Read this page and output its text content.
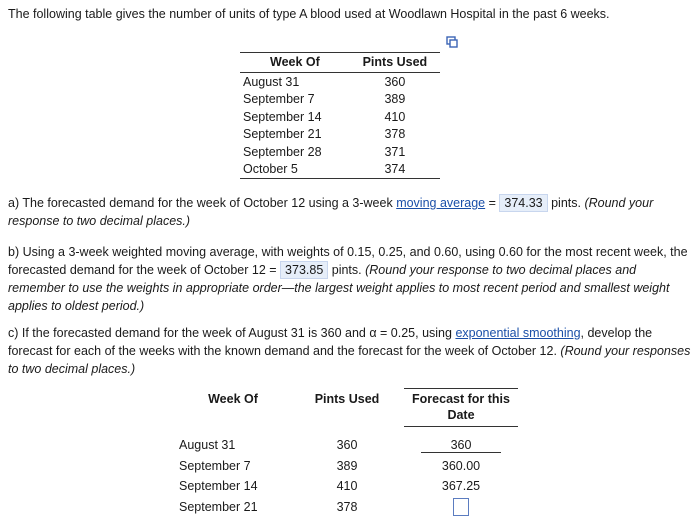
The following table gives the number of units of type A blood used at Woodlawn Hospital in the past 6 weeks.
Week Of	Pints Used
August 31	360
September 7	389
September 14	410
September 21	378
September 28	371
October 5	374
a) The forecasted demand for the week of October 12 using a 3-week moving average = 374.33 pints. (Round your response to two decimal places.)
b) Using a 3-week weighted moving average, with weights of 0.15, 0.25, and 0.60, using 0.60 for the most recent week, the forecasted demand for the week of October 12 = 373.85 pints. (Round your response to two decimal places and remember to use the weights in appropriate order—the largest weight applies to most recent period and smallest weight applies to oldest period.)
c) If the forecasted demand for the week of August 31 is 360 and α = 0.25, using exponential smoothing, develop the forecast for each of the weeks with the known demand and the forecast for the week of October 12. (Round your responses to two decimal places.)
Week Of	Pints Used	Forecast for this Date
August 31	360	360
September 7	389	360.00
September 14	410	367.25
September 21	378	
